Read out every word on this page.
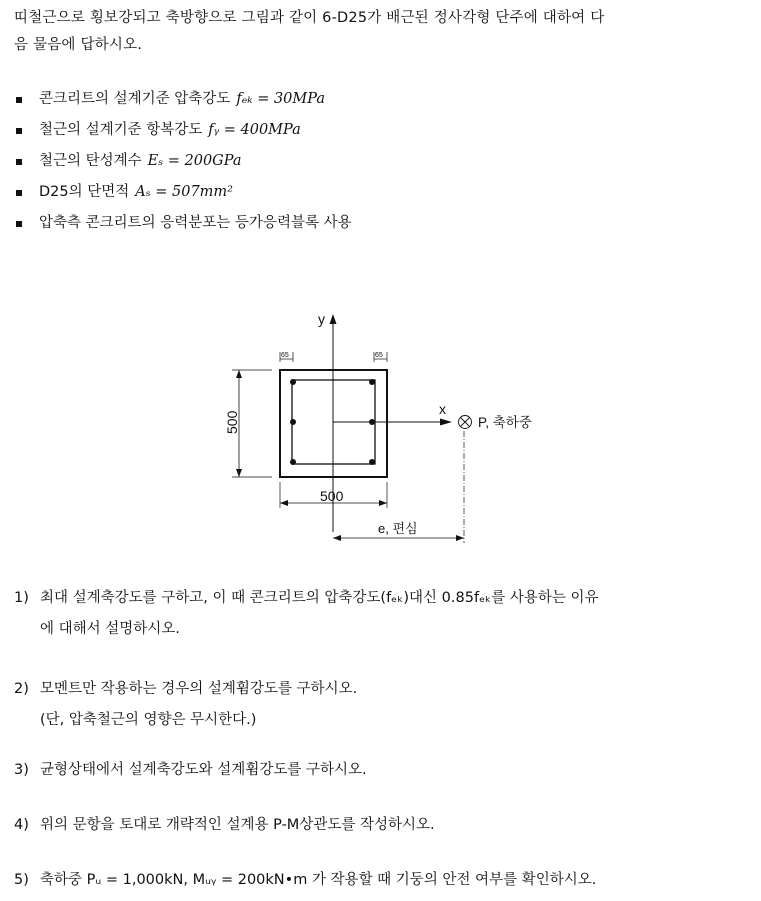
띠철근으로 횡보강되고 축방향으로 그림과 같이 6-D25가 배근된 정사각형 단주에 대하여 다
음 물음에 답하시오.
콘크리트의 설계기준 압축강도 fₑₖ = 30MPa
철근의 설계기준 항복강도 fᵧ = 400MPa
철근의 탄성계수 Eₛ = 200GPa
D25의 단면적 Aₛ = 507mm²
압축측 콘크리트의 응력분포는 등가응력블록 사용
y
x
65	65
500
500
e, 편심
P, 축하중
1) 최대 설계축강도를 구하고, 이 때 콘크리트의 압축강도(fₑₖ)대신 0.85fₑₖ를 사용하는 이유
에 대해서 설명하시오.
2) 모멘트만 작용하는 경우의 설계휨강도를 구하시오.
(단, 압축철근의 영향은 무시한다.)
3) 균형상태에서 설계축강도와 설계휨강도를 구하시오.
4) 위의 문항을 토대로 개략적인 설계용 P-M상관도를 작성하시오.
5) 축하중 Pᵤ = 1,000kN, Mᵤᵧ = 200kN•m 가 작용할 때 기둥의 안전 여부를 확인하시오.
